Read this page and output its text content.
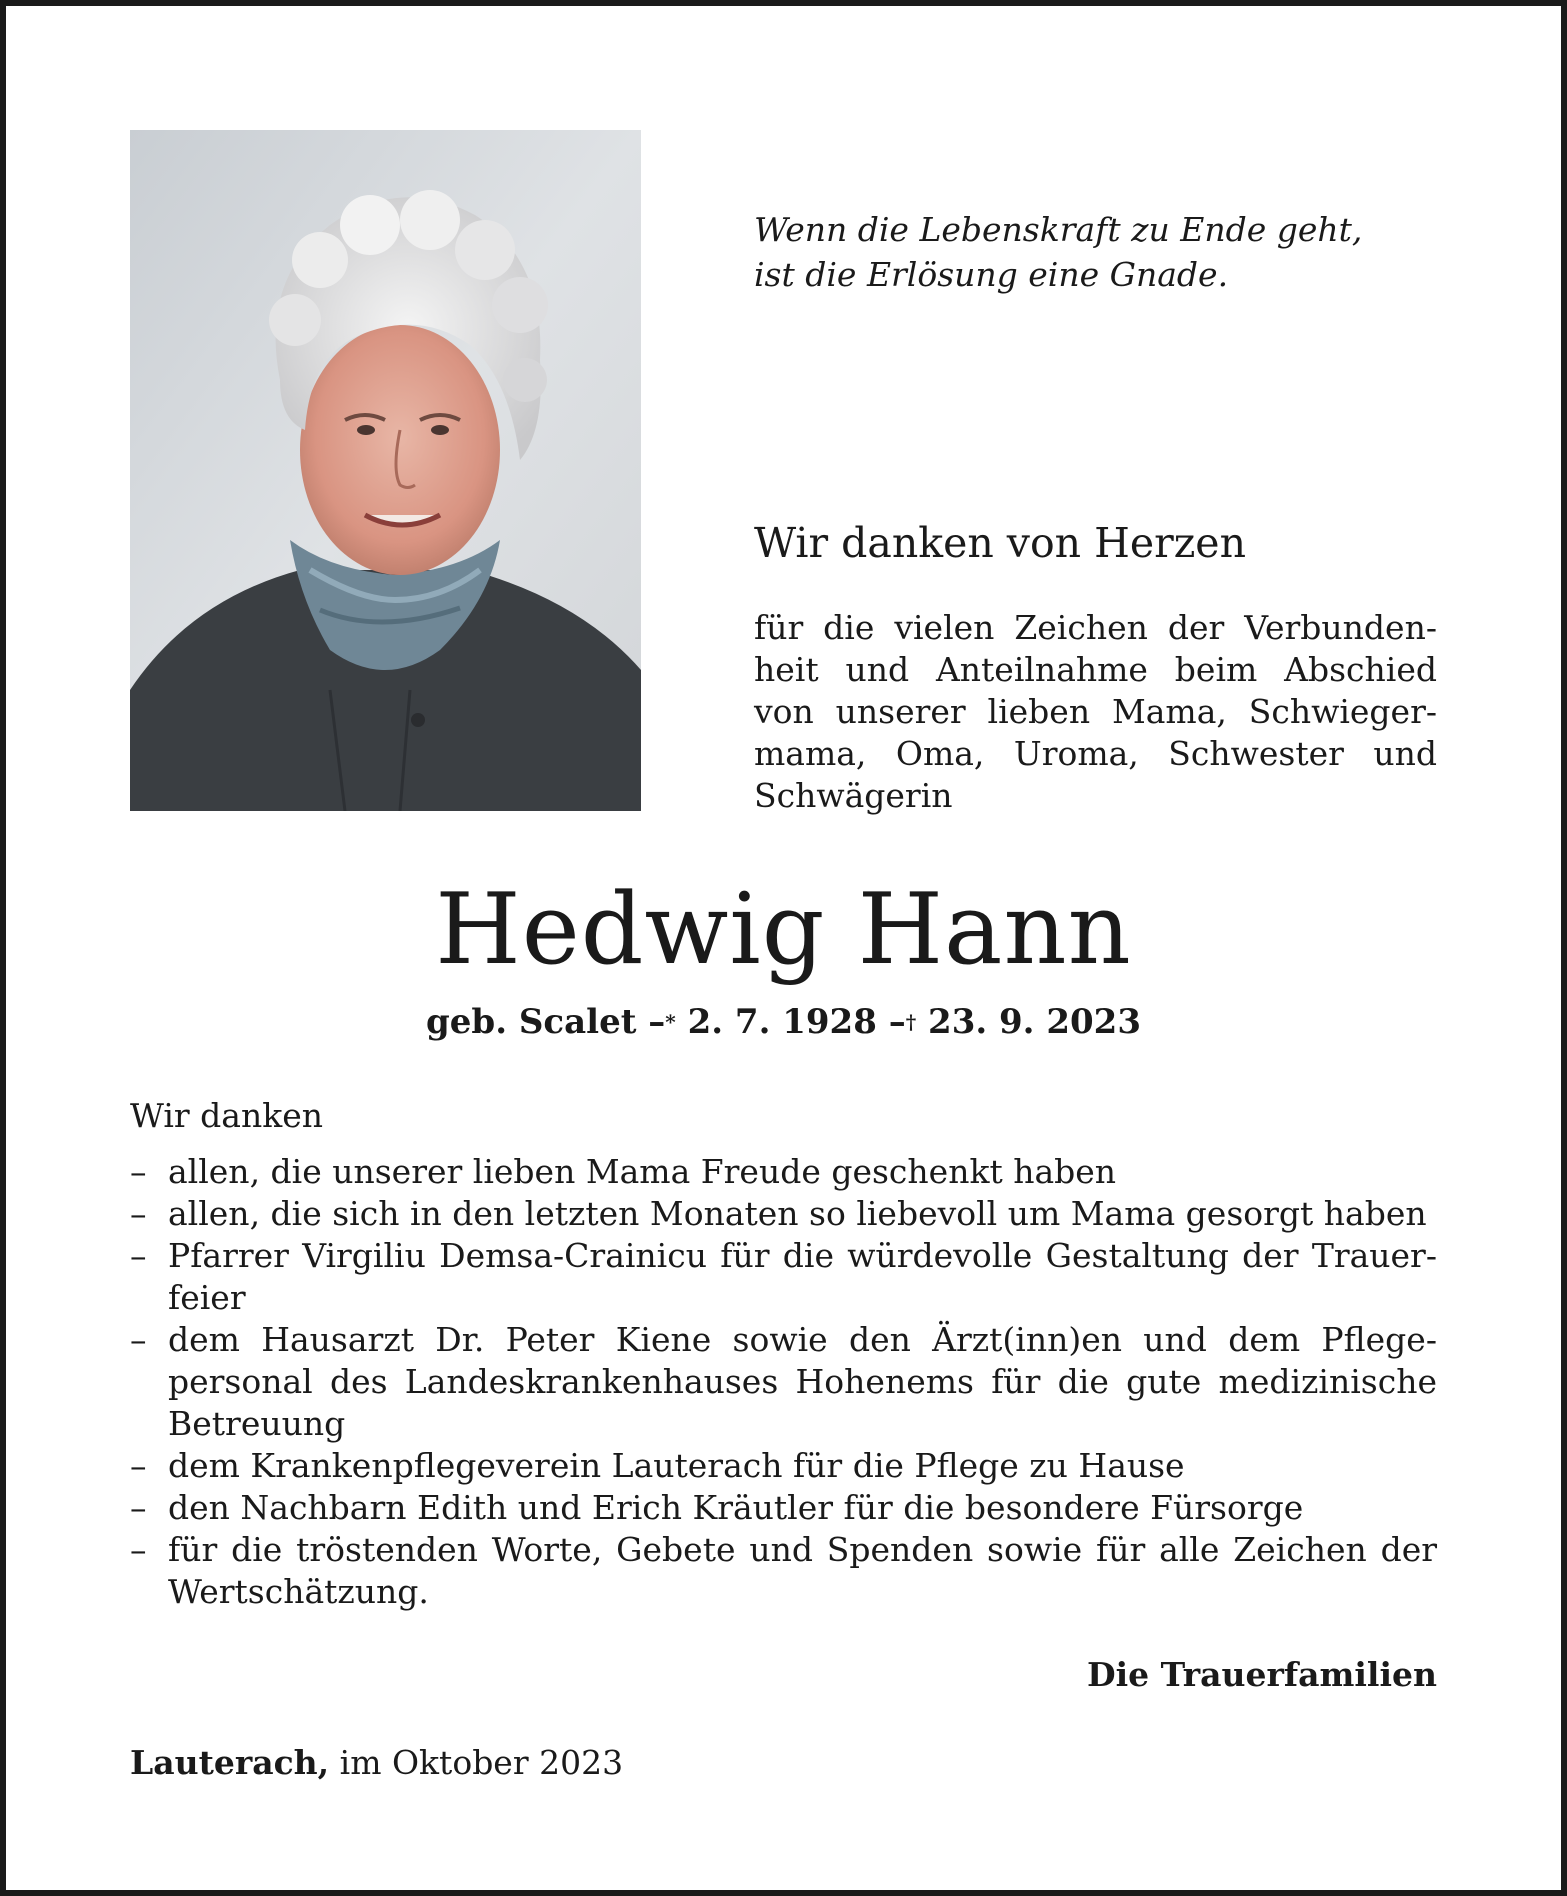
Wenn die Lebenskraft zu Ende geht,
ist die Erlösung eine Gnade.
Wir danken von Herzen
für die vielen Zeichen der Verbundenheit und Anteilnahme beim Abschied von unserer lieben Mama, Schwiegermama, Oma, Uroma, Schwester und Schwägerin
Hedwig Hann
geb. Scalet –* 2. 7. 1928 –† 23. 9. 2023
Wir danken
– allen, die unserer lieben Mama Freude geschenkt haben
– allen, die sich in den letzten Monaten so liebevoll um Mama gesorgt haben
– Pfarrer Virgiliu Demsa-Crainicu für die würdevolle Gestaltung der Trauerfeier
– dem Hausarzt Dr. Peter Kiene sowie den Ärzt(inn)en und dem Pflegepersonal des Landeskrankenhauses Hohenems für die gute medizinische Betreuung
– dem Krankenpflegeverein Lauterach für die Pflege zu Hause
– den Nachbarn Edith und Erich Kräutler für die besondere Fürsorge
– für die tröstenden Worte, Gebete und Spenden sowie für alle Zeichen der Wertschätzung.
Die Trauerfamilien
Lauterach, im Oktober 2023
